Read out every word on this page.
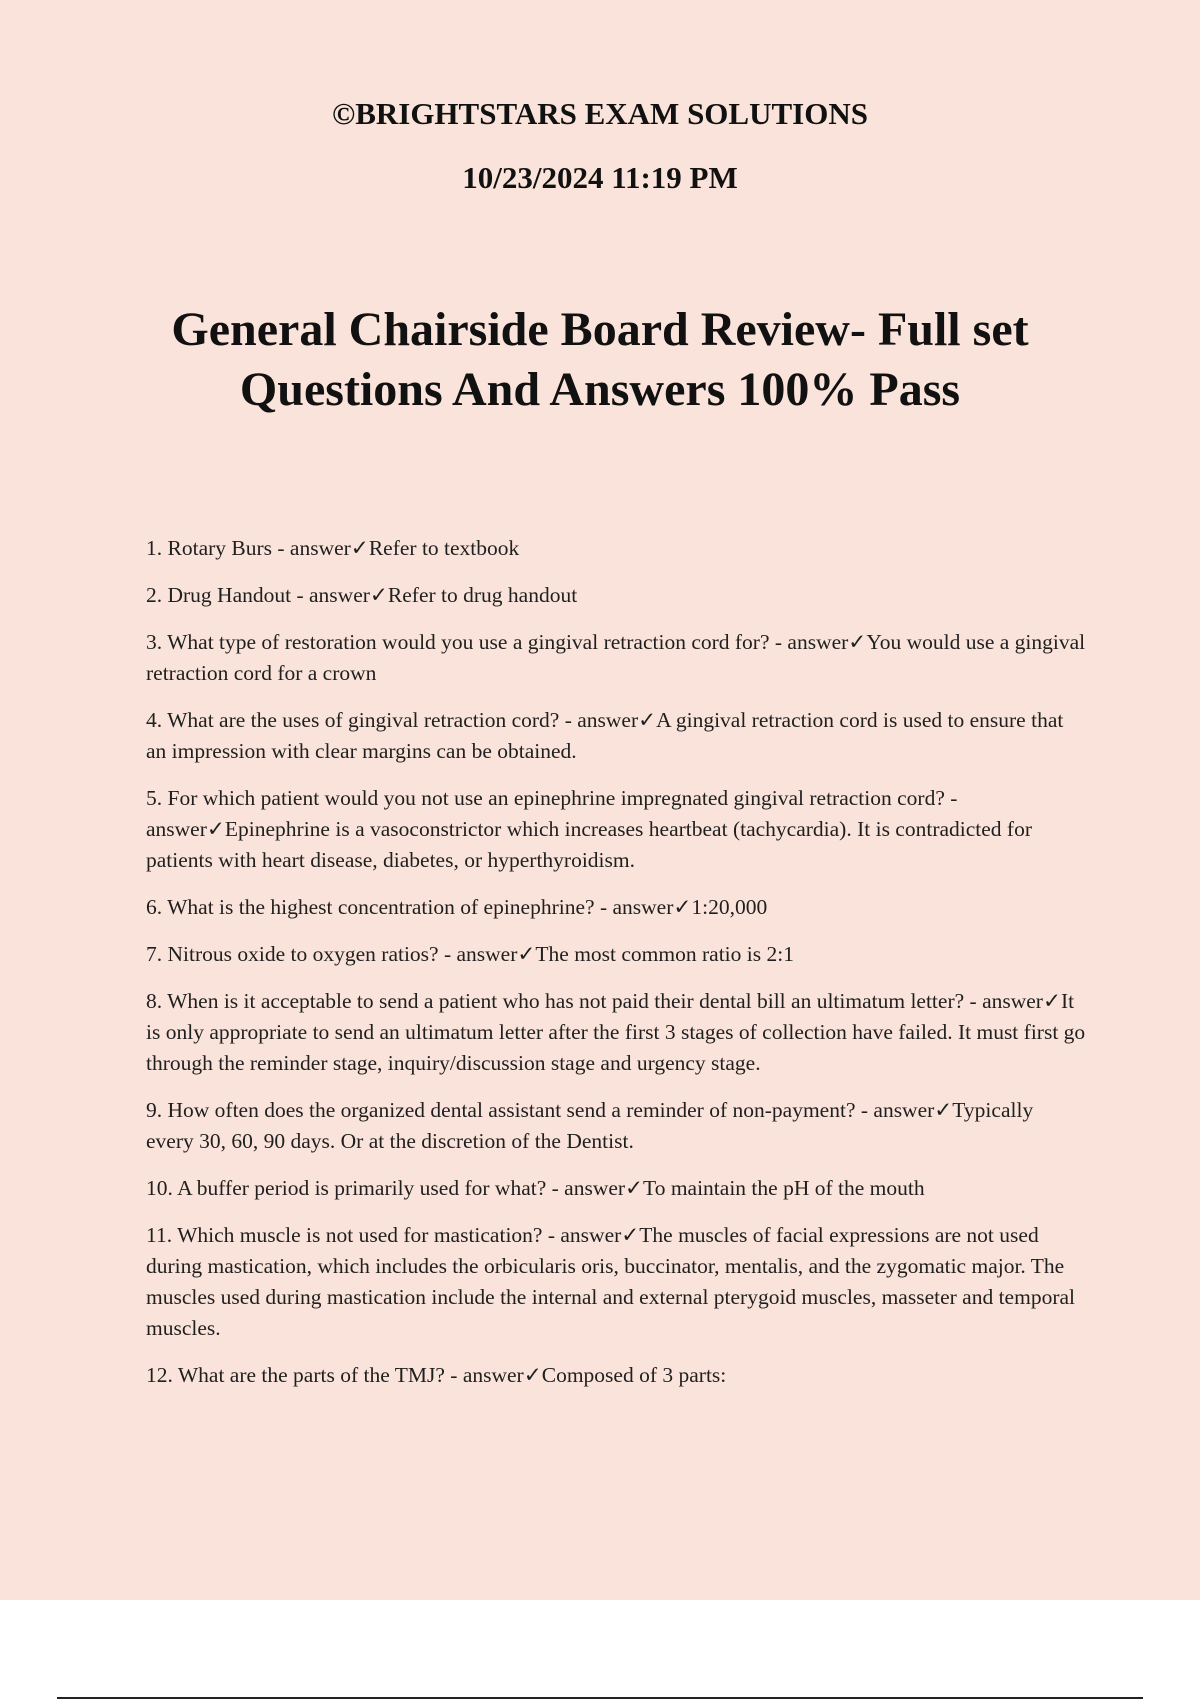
©BRIGHTSTARS EXAM SOLUTIONS
10/23/2024 11:19 PM
General Chairside Board Review- Full set Questions And Answers 100% Pass
1. Rotary Burs - answer✓Refer to textbook
2. Drug Handout - answer✓Refer to drug handout
3. What type of restoration would you use a gingival retraction cord for? - answer✓You would use a gingival retraction cord for a crown
4. What are the uses of gingival retraction cord? - answer✓A gingival retraction cord is used to ensure that an impression with clear margins can be obtained.
5. For which patient would you not use an epinephrine impregnated gingival retraction cord? - answer✓Epinephrine is a vasoconstrictor which increases heartbeat (tachycardia). It is contradicted for patients with heart disease, diabetes, or hyperthyroidism.
6. What is the highest concentration of epinephrine? - answer✓1:20,000
7. Nitrous oxide to oxygen ratios? - answer✓The most common ratio is 2:1
8. When is it acceptable to send a patient who has not paid their dental bill an ultimatum letter? - answer✓It is only appropriate to send an ultimatum letter after the first 3 stages of collection have failed. It must first go through the reminder stage, inquiry/discussion stage and urgency stage.
9. How often does the organized dental assistant send a reminder of non-payment? - answer✓Typically every 30, 60, 90 days. Or at the discretion of the Dentist.
10. A buffer period is primarily used for what? - answer✓To maintain the pH of the mouth
11. Which muscle is not used for mastication? - answer✓The muscles of facial expressions are not used during mastication, which includes the orbicularis oris, buccinator, mentalis, and the zygomatic major. The muscles used during mastication include the internal and external pterygoid muscles, masseter and temporal muscles.
12. What are the parts of the TMJ? - answer✓Composed of 3 parts:
